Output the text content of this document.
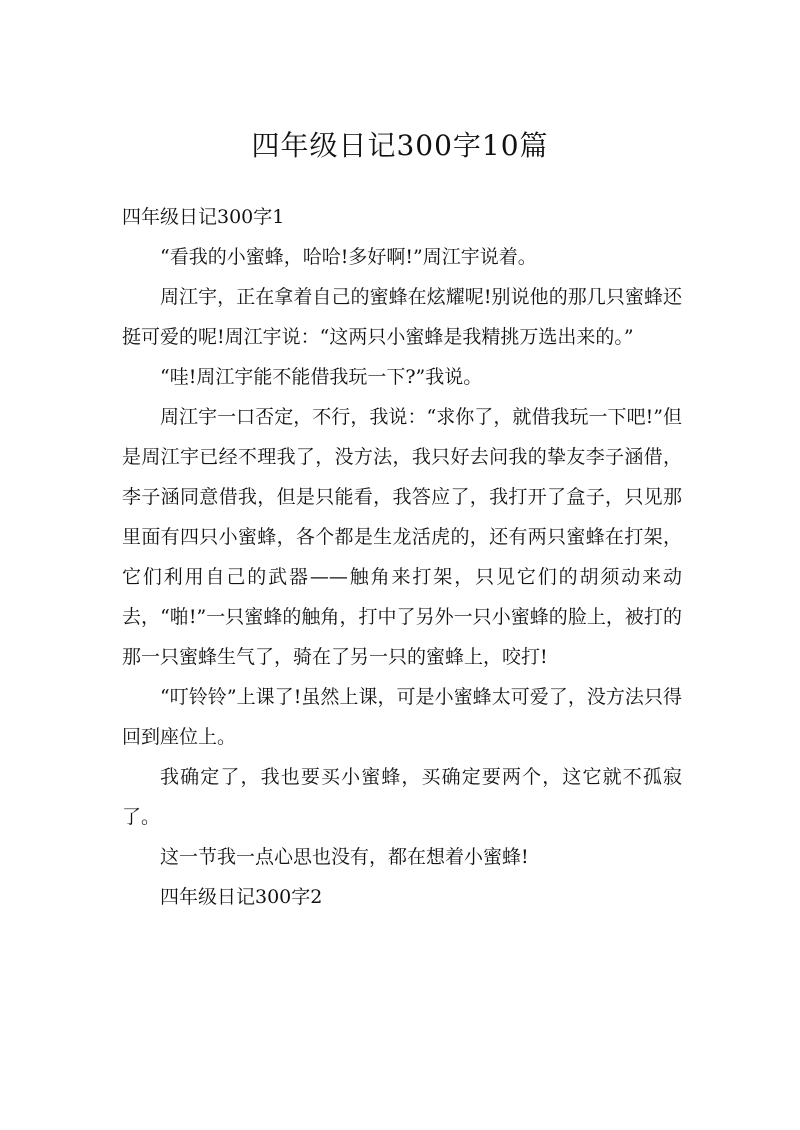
四年级日记300字10篇

四年级日记300字1

“看我的小蜜蜂，哈哈!多好啊!”周江宇说着。

周江宇，正在拿着自己的蜜蜂在炫耀呢!别说他的那几只蜜蜂还挺可爱的呢!周江宇说：“这两只小蜜蜂是我精挑万选出来的。”

“哇!周江宇能不能借我玩一下?”我说。

周江宇一口否定，不行，我说：“求你了，就借我玩一下吧!”但是周江宇已经不理我了，没方法，我只好去问我的挚友李子涵借，李子涵同意借我，但是只能看，我答应了，我打开了盒子，只见那里面有四只小蜜蜂，各个都是生龙活虎的，还有两只蜜蜂在打架，它们利用自己的武器——触角来打架，只见它们的胡须动来动去，“啪!”一只蜜蜂的触角，打中了另外一只小蜜蜂的脸上，被打的那一只蜜蜂生气了，骑在了另一只的蜜蜂上，咬打!

“叮铃铃”上课了!虽然上课，可是小蜜蜂太可爱了，没方法只得回到座位上。

我确定了，我也要买小蜜蜂，买确定要两个，这它就不孤寂了。

这一节我一点心思也没有，都在想着小蜜蜂!

四年级日记300字2
